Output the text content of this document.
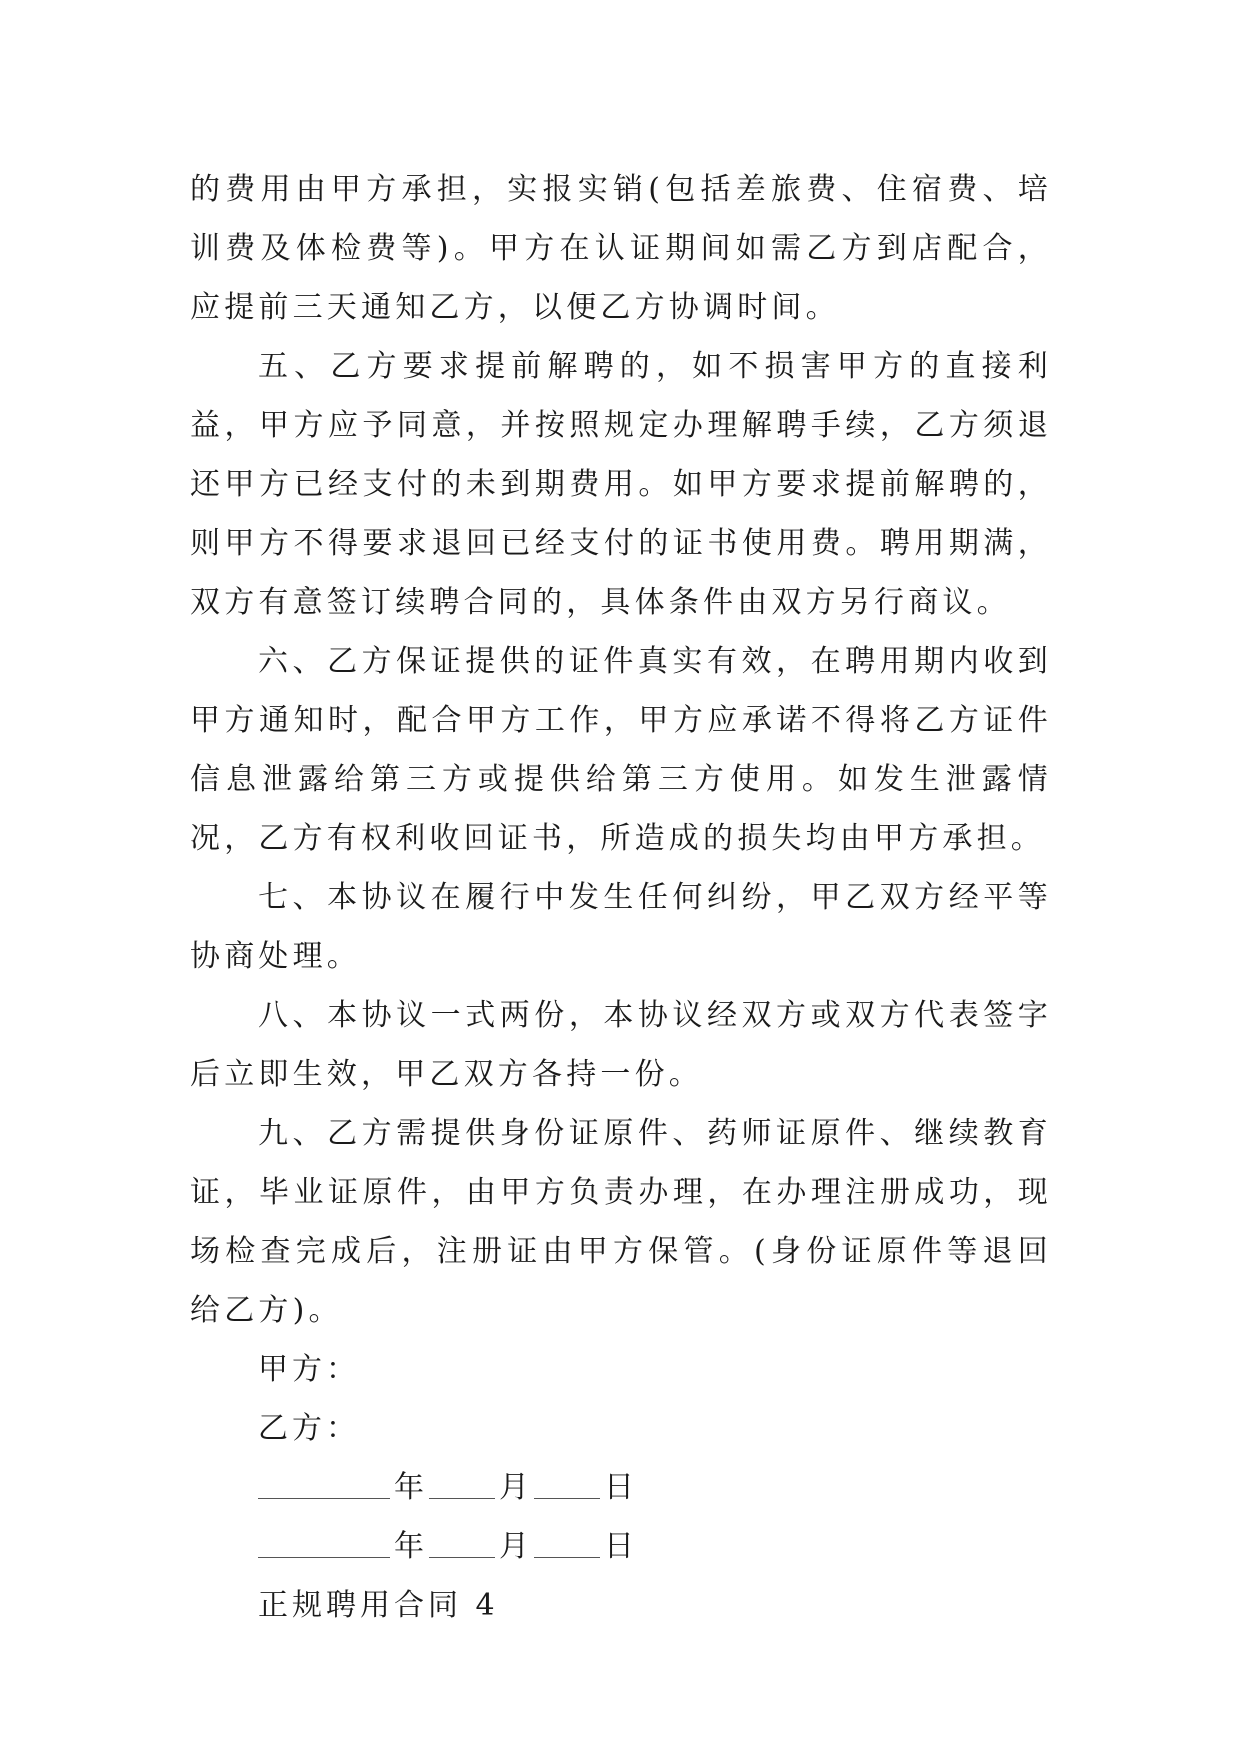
的费用由甲方承担，实报实销(包括差旅费、住宿费、培训费及体检费等)。甲方在认证期间如需乙方到店配合，应提前三天通知乙方，以便乙方协调时间。

五、乙方要求提前解聘的，如不损害甲方的直接利益，甲方应予同意，并按照规定办理解聘手续，乙方须退还甲方已经支付的未到期费用。如甲方要求提前解聘的，则甲方不得要求退回已经支付的证书使用费。聘用期满，双方有意签订续聘合同的，具体条件由双方另行商议。

六、乙方保证提供的证件真实有效，在聘用期内收到甲方通知时，配合甲方工作，甲方应承诺不得将乙方证件信息泄露给第三方或提供给第三方使用。如发生泄露情况，乙方有权利收回证书，所造成的损失均由甲方承担。

七、本协议在履行中发生任何纠纷，甲乙双方经平等协商处理。

八、本协议一式两份，本协议经双方或双方代表签字后立即生效，甲乙双方各持一份。

九、乙方需提供身份证原件、药师证原件、继续教育证，毕业证原件，由甲方负责办理，在办理注册成功，现场检查完成后，注册证由甲方保管。(身份证原件等退回给乙方)。

甲方：

乙方：

年 月 日

年 月 日

正规聘用合同 4
